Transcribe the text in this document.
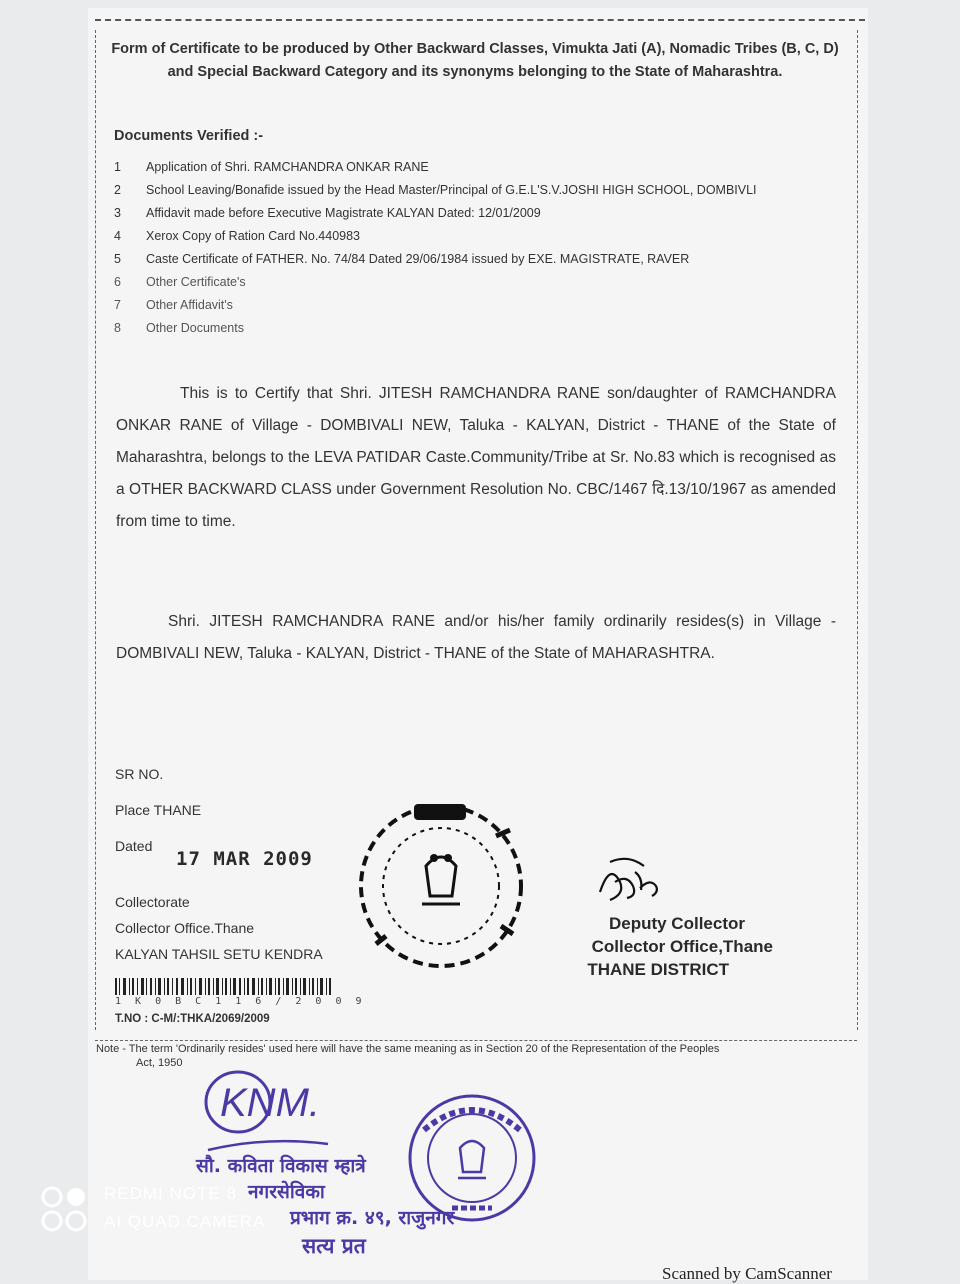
Form of Certificate to be produced by Other Backward Classes, Vimukta Jati (A), Nomadic Tribes (B, C, D) and Special Backward Category and its synonyms belonging to the State of Maharashtra.
Documents Verified :-
1	Application of Shri. RAMCHANDRA ONKAR RANE
2	School Leaving/Bonafide issued by the Head Master/Principal of G.E.L'S.V.JOSHI HIGH SCHOOL, DOMBIVLI
3	Affidavit made before Executive Magistrate KALYAN Dated: 12/01/2009
4	Xerox Copy of Ration Card No.440983
5	Caste Certificate of FATHER. No. 74/84 Dated 29/06/1984 issued by EXE. MAGISTRATE, RAVER
6	Other Certificate's
7	Other Affidavit's
8	Other Documents
This is to Certify that Shri. JITESH RAMCHANDRA RANE son/daughter of RAMCHANDRA ONKAR RANE of Village - DOMBIVALI NEW, Taluka - KALYAN, District - THANE of the State of Maharashtra, belongs to the LEVA PATIDAR Caste.Community/Tribe at Sr. No.83 which is recognised as a OTHER BACKWARD CLASS under Government Resolution No. CBC/1467 दि.13/10/1967 as amended from time to time.
Shri. JITESH RAMCHANDRA RANE and/or his/her family ordinarily resides(s) in Village - DOMBIVALI NEW, Taluka - KALYAN, District - THANE of the State of MAHARASHTRA.
SR NO.
Place THANE
Dated
17 MAR 2009
Collectorate
Collector Office.Thane
KALYAN TAHSIL SETU KENDRA
1 K 0 B C 1 1 6 / 2 0 0 9
T.NO : C-M/:THKA/2069/2009
Deputy Collector
Collector Office,Thane
THANE DISTRICT
Note - The term 'Ordinarily resides' used here will have the same meaning as in Section 20 of the Representation of the Peoples
Act, 1950
KNM.
सौ. कविता विकास म्हात्रे
नगरसेविका
प्रभाग क्र. ४९, राजुनगर
सत्य प्रत
REDMI NOTE 8
AI QUAD CAMERA
Scanned by CamScanner
